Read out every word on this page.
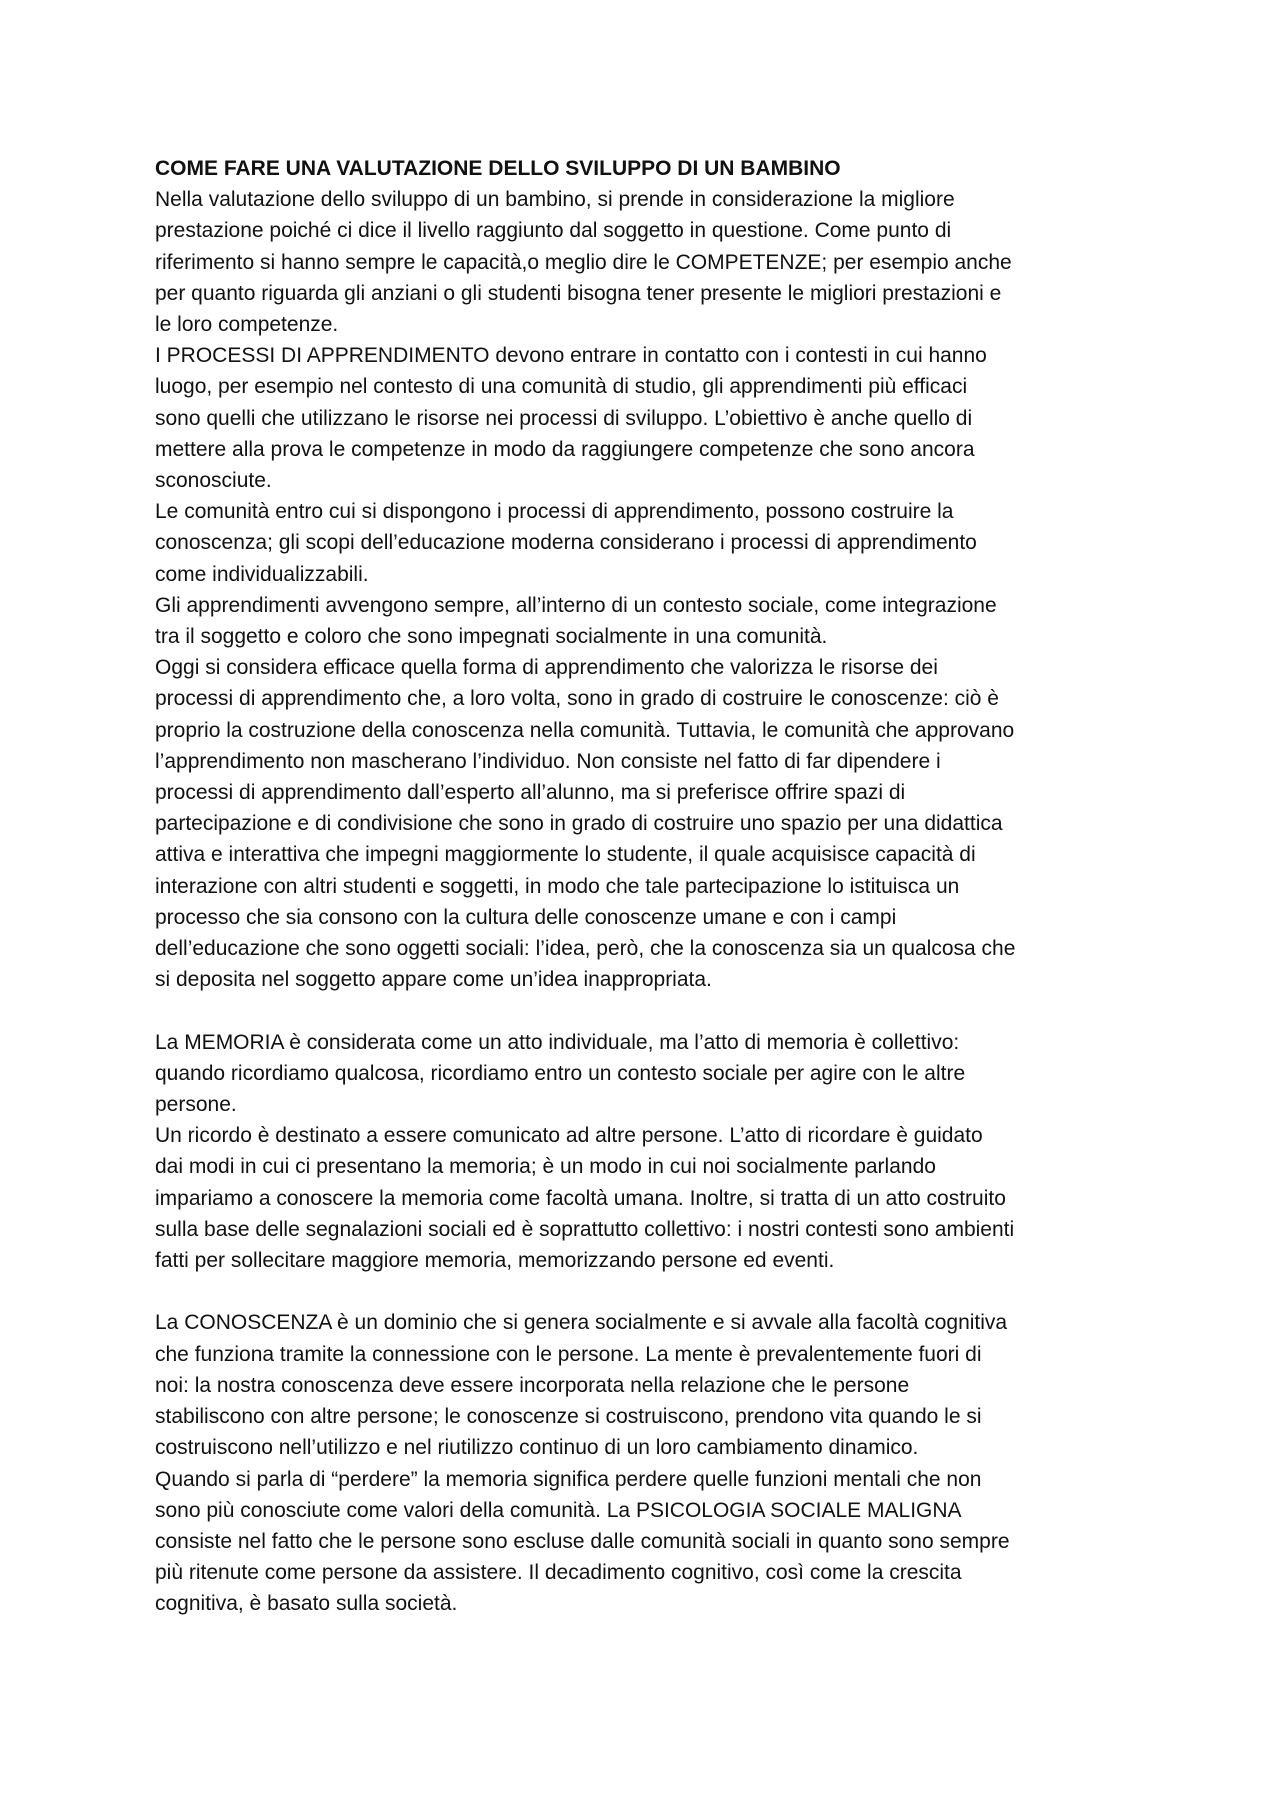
COME FARE UNA VALUTAZIONE DELLO SVILUPPO DI UN BAMBINO
Nella valutazione dello sviluppo di un bambino, si prende in considerazione la migliore
prestazione poiché ci dice il livello raggiunto dal soggetto in questione. Come punto di
riferimento si hanno sempre le capacità,o meglio dire le COMPETENZE; per esempio anche
per quanto riguarda gli anziani o gli studenti bisogna tener presente le migliori prestazioni e
le loro competenze.
I PROCESSI DI APPRENDIMENTO devono entrare in contatto con i contesti in cui hanno
luogo, per esempio nel contesto di una comunità di studio, gli apprendimenti più efficaci
sono quelli che utilizzano le risorse nei processi di sviluppo. L’obiettivo è anche quello di
mettere alla prova le competenze in modo da raggiungere competenze che sono ancora
sconosciute.
Le comunità entro cui si dispongono i processi di apprendimento, possono costruire la
conoscenza; gli scopi dell’educazione moderna considerano i processi di apprendimento
come individualizzabili.
Gli apprendimenti avvengono sempre, all’interno di un contesto sociale, come integrazione
tra il soggetto e coloro che sono impegnati socialmente in una comunità.
Oggi si considera efficace quella forma di apprendimento che valorizza le risorse dei
processi di apprendimento che, a loro volta, sono in grado di costruire le conoscenze: ciò è
proprio la costruzione della conoscenza nella comunità. Tuttavia, le comunità che approvano
l’apprendimento non mascherano l’individuo. Non consiste nel fatto di far dipendere i
processi di apprendimento dall’esperto all’alunno, ma si preferisce offrire spazi di
partecipazione e di condivisione che sono in grado di costruire uno spazio per una didattica
attiva e interattiva che impegni maggiormente lo studente, il quale acquisisce capacità di
interazione con altri studenti e soggetti, in modo che tale partecipazione lo istituisca un
processo che sia consono con la cultura delle conoscenze umane e con i campi
dell’educazione che sono oggetti sociali: l’idea, però, che la conoscenza sia un qualcosa che
si deposita nel soggetto appare come un’idea inappropriata.
La MEMORIA è considerata come un atto individuale, ma l’atto di memoria è collettivo:
quando ricordiamo qualcosa, ricordiamo entro un contesto sociale per agire con le altre
persone.
Un ricordo è destinato a essere comunicato ad altre persone. L’atto di ricordare è guidato
dai modi in cui ci presentano la memoria; è un modo in cui noi socialmente parlando
impariamo a conoscere la memoria come facoltà umana. Inoltre, si tratta di un atto costruito
sulla base delle segnalazioni sociali ed è soprattutto collettivo: i nostri contesti sono ambienti
fatti per sollecitare maggiore memoria, memorizzando persone ed eventi.
La CONOSCENZA è un dominio che si genera socialmente e si avvale alla facoltà cognitiva
che funziona tramite la connessione con le persone. La mente è prevalentemente fuori di
noi: la nostra conoscenza deve essere incorporata nella relazione che le persone
stabiliscono con altre persone; le conoscenze si costruiscono, prendono vita quando le si
costruiscono nell’utilizzo e nel riutilizzo continuo di un loro cambiamento dinamico.
Quando si parla di “perdere” la memoria significa perdere quelle funzioni mentali che non
sono più conosciute come valori della comunità. La PSICOLOGIA SOCIALE MALIGNA
consiste nel fatto che le persone sono escluse dalle comunità sociali in quanto sono sempre
più ritenute come persone da assistere. Il decadimento cognitivo, così come la crescita
cognitiva, è basato sulla società.
